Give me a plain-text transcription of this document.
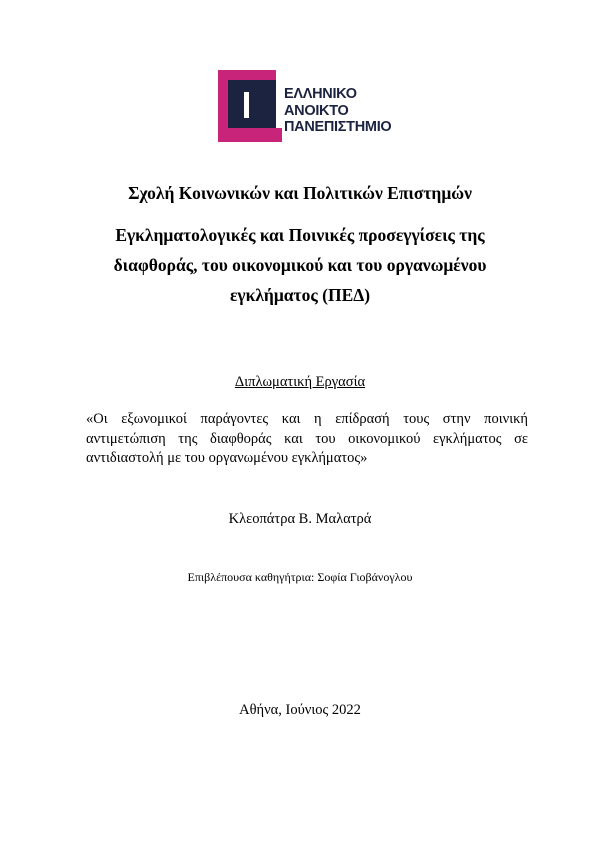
ΕΛΛΗΝΙΚΟ
ΑΝΟΙΚΤΟ
ΠΑΝΕΠΙΣΤΗΜΙΟ
Σχολή Κοινωνικών και Πολιτικών Επιστημών
Εγκληματολογικές και Ποινικές προσεγγίσεις της
διαφθοράς, του οικονομικού και του οργανωμένου
εγκλήματος (ΠΕΔ)
Διπλωματική Εργασία
«Οι εξωνομικοί παράγοντες και η επίδρασή τους στην ποινική αντιμετώπιση της διαφθοράς και του οικονομικού εγκλήματος σε αντιδιαστολή με του οργανωμένου εγκλήματος»
Κλεοπάτρα Β. Μαλατρά
Επιβλέπουσα καθηγήτρια: Σοφία Γιοβάνογλου
Αθήνα, Ιούνιος 2022
